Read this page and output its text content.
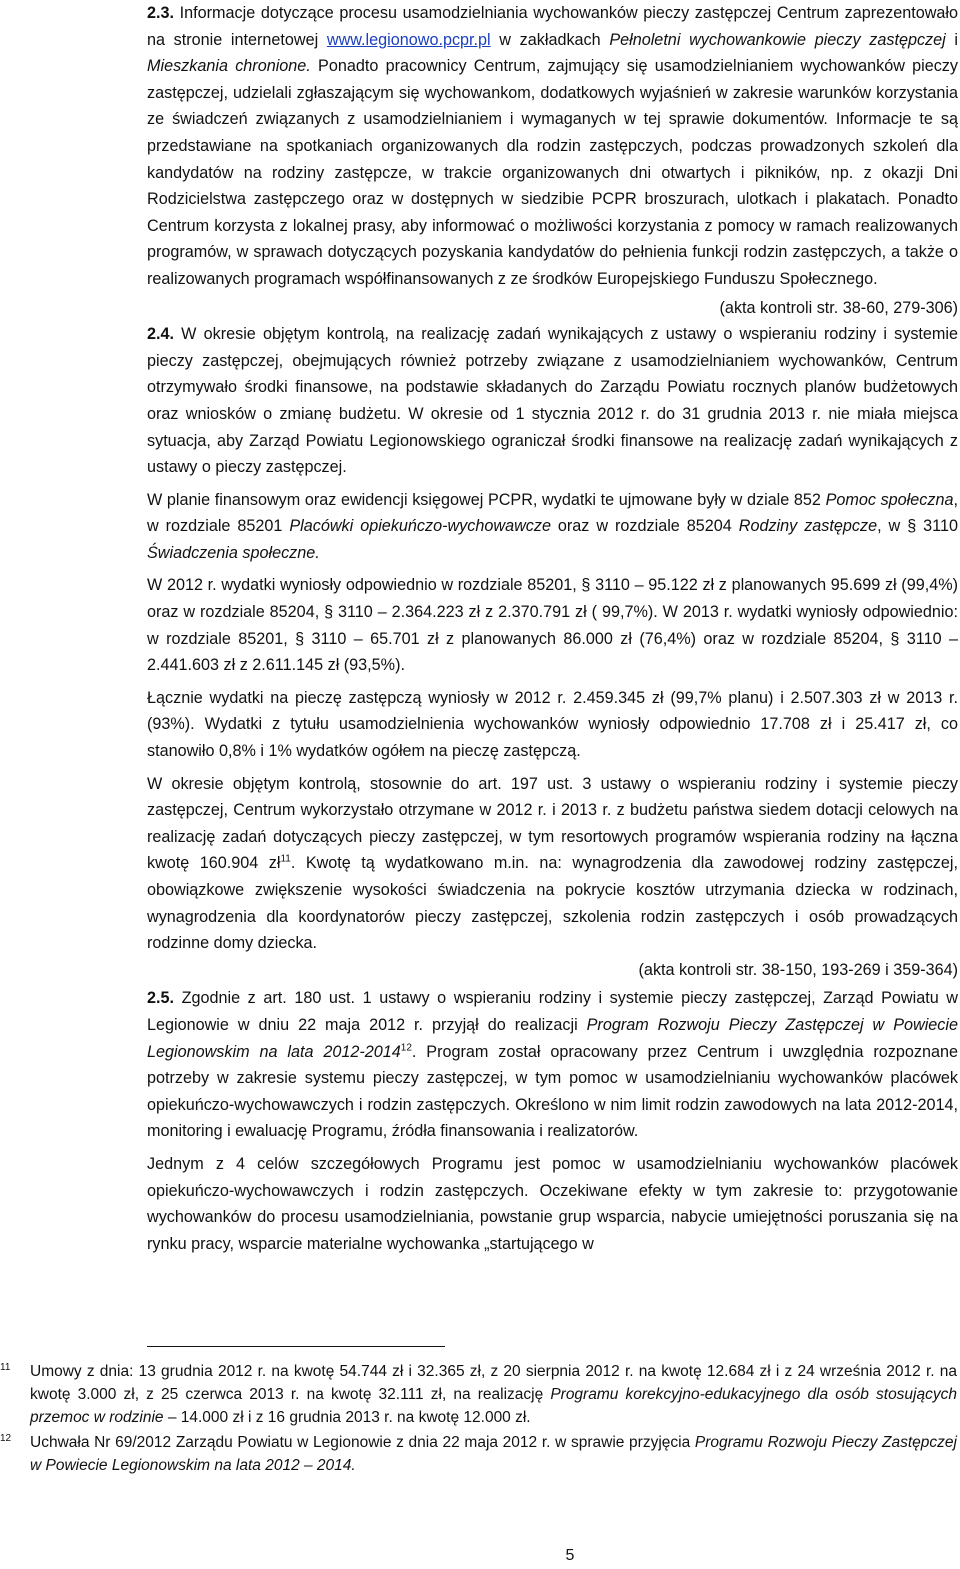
2.3. Informacje dotyczące procesu usamodzielniania wychowanków pieczy zastępczej Centrum zaprezentowało na stronie internetowej www.legionowo.pcpr.pl w zakładkach Pełnoletni wychowankowie pieczy zastępczej i Mieszkania chronione. Ponadto pracownicy Centrum, zajmujący się usamodzielnianiem wychowanków pieczy zastępczej, udzielali zgłaszającym się wychowankom, dodatkowych wyjaśnień w zakresie warunków korzystania ze świadczeń związanych z usamodzielnianiem i wymaganych w tej sprawie dokumentów. Informacje te są przedstawiane na spotkaniach organizowanych dla rodzin zastępczych, podczas prowadzonych szkoleń dla kandydatów na rodziny zastępcze, w trakcie organizowanych dni otwartych i pikników, np. z okazji Dni Rodzicielstwa zastępczego oraz w dostępnych w siedzibie PCPR broszurach, ulotkach i plakatach. Ponadto Centrum korzysta z lokalnej prasy, aby informować o możliwości korzystania z pomocy w ramach realizowanych programów, w sprawach dotyczących pozyskania kandydatów do pełnienia funkcji rodzin zastępczych, a także o realizowanych programach współfinansowanych z ze środków Europejskiego Funduszu Społecznego.

(akta kontroli str. 38-60, 279-306)

2.4. W okresie objętym kontrolą, na realizację zadań wynikających z ustawy o wspieraniu rodziny i systemie pieczy zastępczej, obejmujących również potrzeby związane z usamodzielnianiem wychowanków, Centrum otrzymywało środki finansowe, na podstawie składanych do Zarządu Powiatu rocznych planów budżetowych oraz wniosków o zmianę budżetu. W okresie od 1 stycznia 2012 r. do 31 grudnia 2013 r. nie miała miejsca sytuacja, aby Zarząd Powiatu Legionowskiego ograniczał środki finansowe na realizację zadań wynikających z ustawy o pieczy zastępczej.

W planie finansowym oraz ewidencji księgowej PCPR, wydatki te ujmowane były w dziale 852 Pomoc społeczna, w rozdziale 85201 Placówki opiekuńczo-wychowawcze oraz w rozdziale 85204 Rodziny zastępcze, w § 3110 Świadczenia społeczne.

W 2012 r. wydatki wyniosły odpowiednio w rozdziale 85201, § 3110 – 95.122 zł z planowanych 95.699 zł (99,4%) oraz w rozdziale 85204, § 3110 – 2.364.223 zł z 2.370.791 zł ( 99,7%). W 2013 r. wydatki wyniosły odpowiednio: w rozdziale 85201, § 3110 – 65.701 zł z planowanych 86.000 zł (76,4%) oraz w rozdziale 85204, § 3110 – 2.441.603 zł z 2.611.145 zł (93,5%).

Łącznie wydatki na pieczę zastępczą wyniosły w 2012 r. 2.459.345 zł (99,7% planu) i 2.507.303 zł w 2013 r. (93%). Wydatki z tytułu usamodzielnienia wychowanków wyniosły odpowiednio 17.708 zł i 25.417 zł, co stanowiło 0,8% i 1% wydatków ogółem na pieczę zastępczą.

W okresie objętym kontrolą, stosownie do art. 197 ust. 3 ustawy o wspieraniu rodziny i systemie pieczy zastępczej, Centrum wykorzystało otrzymane w 2012 r. i 2013 r. z budżetu państwa siedem dotacji celowych na realizację zadań dotyczących pieczy zastępczej, w tym resortowych programów wspierania rodziny na łączna kwotę 160.904 $zł^{11}$. Kwotę tą wydatkowano m.in. na: wynagrodzenia dla zawodowej rodziny zastępczej, obowiązkowe zwiększenie wysokości świadczenia na pokrycie kosztów utrzymania dziecka w rodzinach, wynagrodzenia dla koordynatorów pieczy zastępczej, szkolenia rodzin zastępczych i osób prowadzących rodzinne domy dziecka.

(akta kontroli str. 38-150, 193-269 i 359-364)

2.5. Zgodnie z art. 180 ust. 1 ustawy o wspieraniu rodziny i systemie pieczy zastępczej, Zarząd Powiatu w Legionowie w dniu 22 maja 2012 r. przyjął do realizacji Program Rozwoju Pieczy Zastępczej w Powiecie Legionowskim na lata 2012-2014$^{12}$. Program został opracowany przez Centrum i uwzględnia rozpoznane potrzeby w zakresie systemu pieczy zastępczej, w tym pomoc w usamodzielnianiu wychowanków placówek opiekuńczo-wychowawczych i rodzin zastępczych. Określono w nim limit rodzin zawodowych na lata 2012-2014, monitoring i ewaluację Programu, źródła finansowania i realizatorów.

Jednym z 4 celów szczegółowych Programu jest pomoc w usamodzielnianiu wychowanków placówek opiekuńczo-wychowawczych i rodzin zastępczych. Oczekiwane efekty w tym zakresie to: przygotowanie wychowanków do procesu usamodzielniania, powstanie grup wsparcia, nabycie umiejętności poruszania się na rynku pracy, wsparcie materialne wychowanka „startującego w

11 Umowy z dnia: 13 grudnia 2012 r. na kwotę 54.744 zł i 32.365 zł, z 20 sierpnia 2012 r. na kwotę 12.684 zł i z 24 września 2012 r. na kwotę 3.000 zł, z 25 czerwca 2013 r. na kwotę 32.111 zł, na realizację Programu korekcyjno-edukacyjnego dla osób stosujących przemoc w rodzinie – 14.000 zł i z 16 grudnia 2013 r. na kwotę 12.000 zł.

12 Uchwała Nr 69/2012 Zarządu Powiatu w Legionowie z dnia 22 maja 2012 r. w sprawie przyjęcia Programu Rozwoju Pieczy Zastępczej w Powiecie Legionowskim na lata 2012 – 2014.

5
